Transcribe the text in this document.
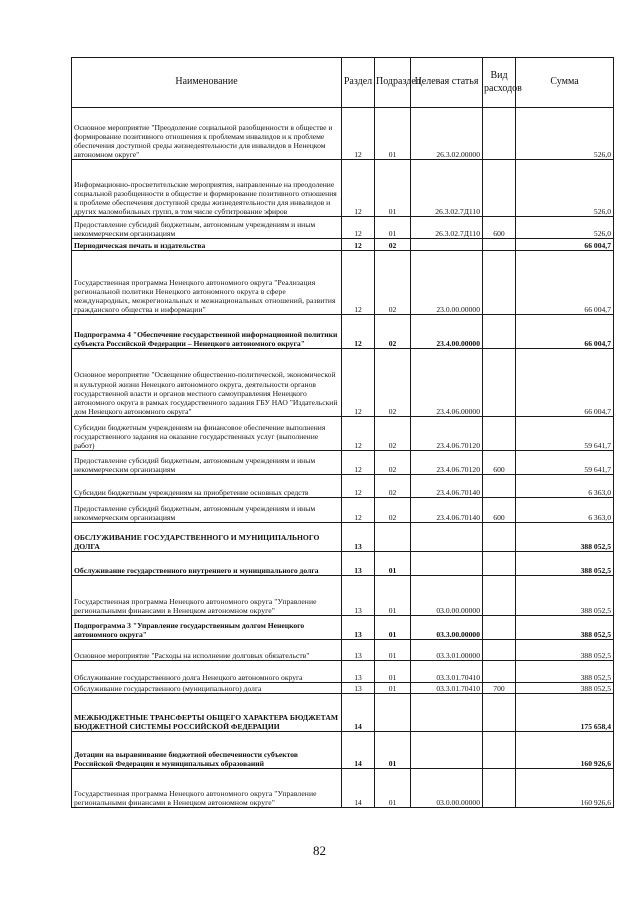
Наименование	Раздел	Подраздел	Целевая статья	Вид расходов	Сумма
Основное мероприятие "Преодоление социальной разобщенности в обществе и формирование позитивного отношения к проблемам инвалидов и к проблеме обеспечения доступной среды жизнедеятельности для инвалидов в Ненецком автономном округе"	12	01	26.3.02.00000		526,0
Информационно-просветительские мероприятия, направленные на преодоление социальной разобщенности в обществе и формирование позитивного отношения к проблеме обеспечения доступной среды жизнедеятельности для инвалидов и других маломобильных групп, в том числе субтитрование эфиров	12	01	26.3.02.7Д110		526,0
Предоставление субсидий бюджетным, автономным учреждениям и иным некоммерческим организациям	12	01	26.3.02.7Д110	600	526,0
Периодическая печать и издательства	12	02			66 004,7
Государственная программа Ненецкого автономного округа "Реализация региональной политики Ненецкого автономного округа в сфере международных, межрегиональных и межнациональных отношений, развития гражданского общества и информации"	12	02	23.0.00.00000		66 004,7
Подпрограмма 4 "Обеспечение государственной информационной политики субъекта Российской Федерации – Ненецкого автономного округа"	12	02	23.4.00.00000		66 004,7
Основное мероприятие "Освещение общественно-политической, экономической и культурной жизни Ненецкого автономного округа, деятельности органов государственной власти и органов местного самоуправления Ненецкого автономного округа в рамках государственного задания ГБУ НАО "Издательский дом Ненецкого автономного округа"	12	02	23.4.06.00000		66 004,7
Субсидии бюджетным учреждениям на финансовое обеспечение выполнения государственного задания на оказание государственных услуг (выполнение работ)	12	02	23.4.06.70120		59 641,7
Предоставление субсидий бюджетным, автономным учреждениям и иным некоммерческим организациям	12	02	23.4.06.70120	600	59 641,7
Субсидии бюджетным учреждениям на приобретение основных средств	12	02	23.4.06.70140		6 363,0
Предоставление субсидий бюджетным, автономным учреждениям и иным некоммерческим организациям	12	02	23.4.06.70140	600	6 363,0
ОБСЛУЖИВАНИЕ ГОСУДАРСТВЕННОГО И МУНИЦИПАЛЬНОГО ДОЛГА	13				388 052,5
Обслуживание государственного внутреннего и муниципального долга	13	01			388 052,5
Государственная программа Ненецкого автономного округа "Управление региональными финансами в Ненецком автономном округе"	13	01	03.0.00.00000		388 052,5
Подпрограмма 3 "Управление государственным долгом Ненецкого автономного округа"	13	01	03.3.00.00000		388 052,5
Основное мероприятие "Расходы на исполнение долговых обязательств"	13	01	03.3.01.00000		388 052,5
Обслуживание государственного долга Ненецкого автономного округа	13	01	03.3.01.70410		388 052,5
Обслуживание государственного (муниципального) долга	13	01	03.3.01.70410	700	388 052,5
МЕЖБЮДЖЕТНЫЕ ТРАНСФЕРТЫ ОБЩЕГО ХАРАКТЕРА БЮДЖЕТАМ БЮДЖЕТНОЙ СИСТЕМЫ РОССИЙСКОЙ ФЕДЕРАЦИИ	14				175 658,4
Дотации на выравнивание бюджетной обеспеченности субъектов Российской Федерации и муниципальных образований	14	01			160 926,6
Государственная программа Ненецкого автономного округа "Управление региональными финансами в Ненецком автономном округе"	14	01	03.0.00.00000		160 926,6
82
